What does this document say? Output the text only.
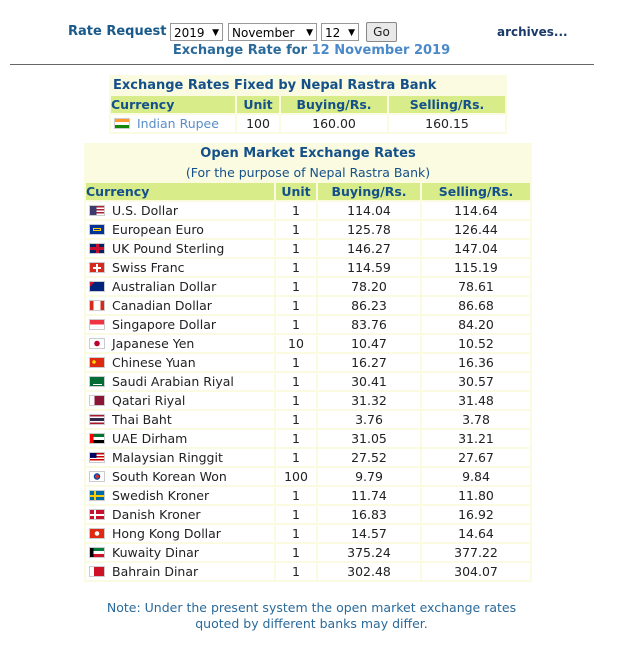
Rate Request 2019 ▼	November ▼	12 ▼	Go	archives...
Exchange Rate for 12 November 2019
Exchange Rates Fixed by Nepal Rastra Bank			
Currency	Unit	Buying/Rs.	Selling/Rs.
Indian Rupee	100	160.00	160.15
Open Market Exchange Rates			
(For the purpose of Nepal Rastra Bank)			
Currency	Unit	Buying/Rs.	Selling/Rs.
U.S. Dollar	1	114.04	114.64
European Euro	1	125.78	126.44
UK Pound Sterling	1	146.27	147.04
Swiss Franc	1	114.59	115.19
Australian Dollar	1	78.20	78.61
Canadian Dollar	1	86.23	86.68
Singapore Dollar	1	83.76	84.20
Japanese Yen	10	10.47	10.52
Chinese Yuan	1	16.27	16.36
Saudi Arabian Riyal	1	30.41	30.57
Qatari Riyal	1	31.32	31.48
Thai Baht	1	3.76	3.78
UAE Dirham	1	31.05	31.21
Malaysian Ringgit	1	27.52	27.67
South Korean Won	100	9.79	9.84
Swedish Kroner	1	11.74	11.80
Danish Kroner	1	16.83	16.92
Hong Kong Dollar	1	14.57	14.64
Kuwaity Dinar	1	375.24	377.22
Bahrain Dinar	1	302.48	304.07
Note: Under the present system the open market exchange rates
quoted by different banks may differ.
